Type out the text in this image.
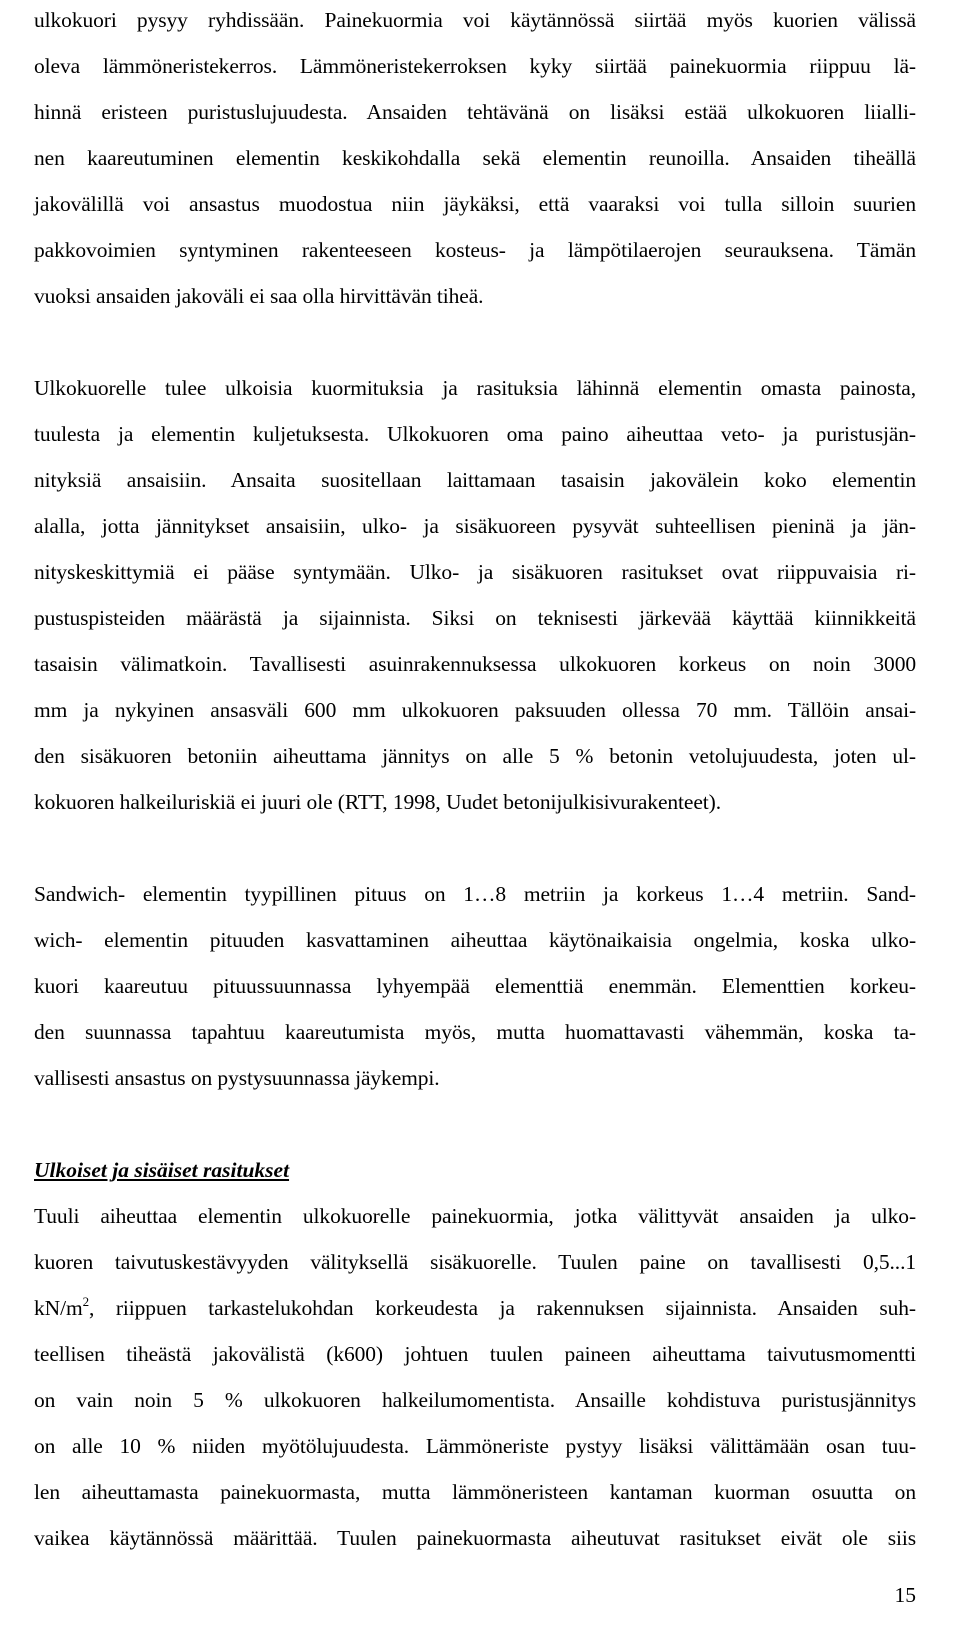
ulkokuori pysyy ryhdissään. Painekuormia voi käytännössä siirtää myös kuorien välissä
oleva lämmöneristekerros. Lämmöneristekerroksen kyky siirtää painekuormia riippuu lä-
hinnä eristeen puristuslujuudesta. Ansaiden tehtävänä on lisäksi estää ulkokuoren liialli-
nen kaareutuminen elementin keskikohdalla sekä elementin reunoilla. Ansaiden tiheällä
jakovälillä voi ansastus muodostua niin jäykäksi, että vaaraksi voi tulla silloin suurien
pakkovoimien syntyminen rakenteeseen kosteus- ja lämpötilaerojen seurauksena. Tämän
vuoksi ansaiden jakoväli ei saa olla hirvittävän tiheä.
Ulkokuorelle tulee ulkoisia kuormituksia ja rasituksia lähinnä elementin omasta painosta,
tuulesta ja elementin kuljetuksesta. Ulkokuoren oma paino aiheuttaa veto- ja puristusjän-
nityksiä ansaisiin. Ansaita suositellaan laittamaan tasaisin jakovälein koko elementin
alalla, jotta jännitykset ansaisiin, ulko- ja sisäkuoreen pysyvät suhteellisen pieninä ja jän-
nityskeskittymiä ei pääse syntymään. Ulko- ja sisäkuoren rasitukset ovat riippuvaisia ri-
pustuspisteiden määrästä ja sijainnista. Siksi on teknisesti järkevää käyttää kiinnikkeitä
tasaisin välimatkoin. Tavallisesti asuinrakennuksessa ulkokuoren korkeus on noin 3000
mm ja nykyinen ansasväli 600 mm ulkokuoren paksuuden ollessa 70 mm. Tällöin ansai-
den sisäkuoren betoniin aiheuttama jännitys on alle 5 % betonin vetolujuudesta, joten ul-
kokuoren halkeiluriskiä ei juuri ole (RTT, 1998, Uudet betonijulkisivurakenteet).
Sandwich- elementin tyypillinen pituus on 1…8 metriin ja korkeus 1…4 metriin. Sand-
wich- elementin pituuden kasvattaminen aiheuttaa käytönaikaisia ongelmia, koska ulko-
kuori kaareutuu pituussuunnassa lyhyempää elementtiä enemmän. Elementtien korkeu-
den suunnassa tapahtuu kaareutumista myös, mutta huomattavasti vähemmän, koska ta-
vallisesti ansastus on pystysuunnassa jäykempi.
Ulkoiset ja sisäiset rasitukset
Tuuli aiheuttaa elementin ulkokuorelle painekuormia, jotka välittyvät ansaiden ja ulko-
kuoren taivutuskestävyyden välityksellä sisäkuorelle. Tuulen paine on tavallisesti 0,5...1
$kN/m^2$, riippuen tarkastelukohdan korkeudesta ja rakennuksen sijainnista. Ansaiden suh-
teellisen tiheästä jakovälistä (k600) johtuen tuulen paineen aiheuttama taivutusmomentti
on vain noin 5 % ulkokuoren halkeilumomentista. Ansaille kohdistuva puristusjännitys
on alle 10 % niiden myötölujuudesta. Lämmöneriste pystyy lisäksi välittämään osan tuu-
len aiheuttamasta painekuormasta, mutta lämmöneristeen kantaman kuorman osuutta on
vaikea käytännössä määrittää. Tuulen painekuormasta aiheutuvat rasitukset eivät ole siis
15
